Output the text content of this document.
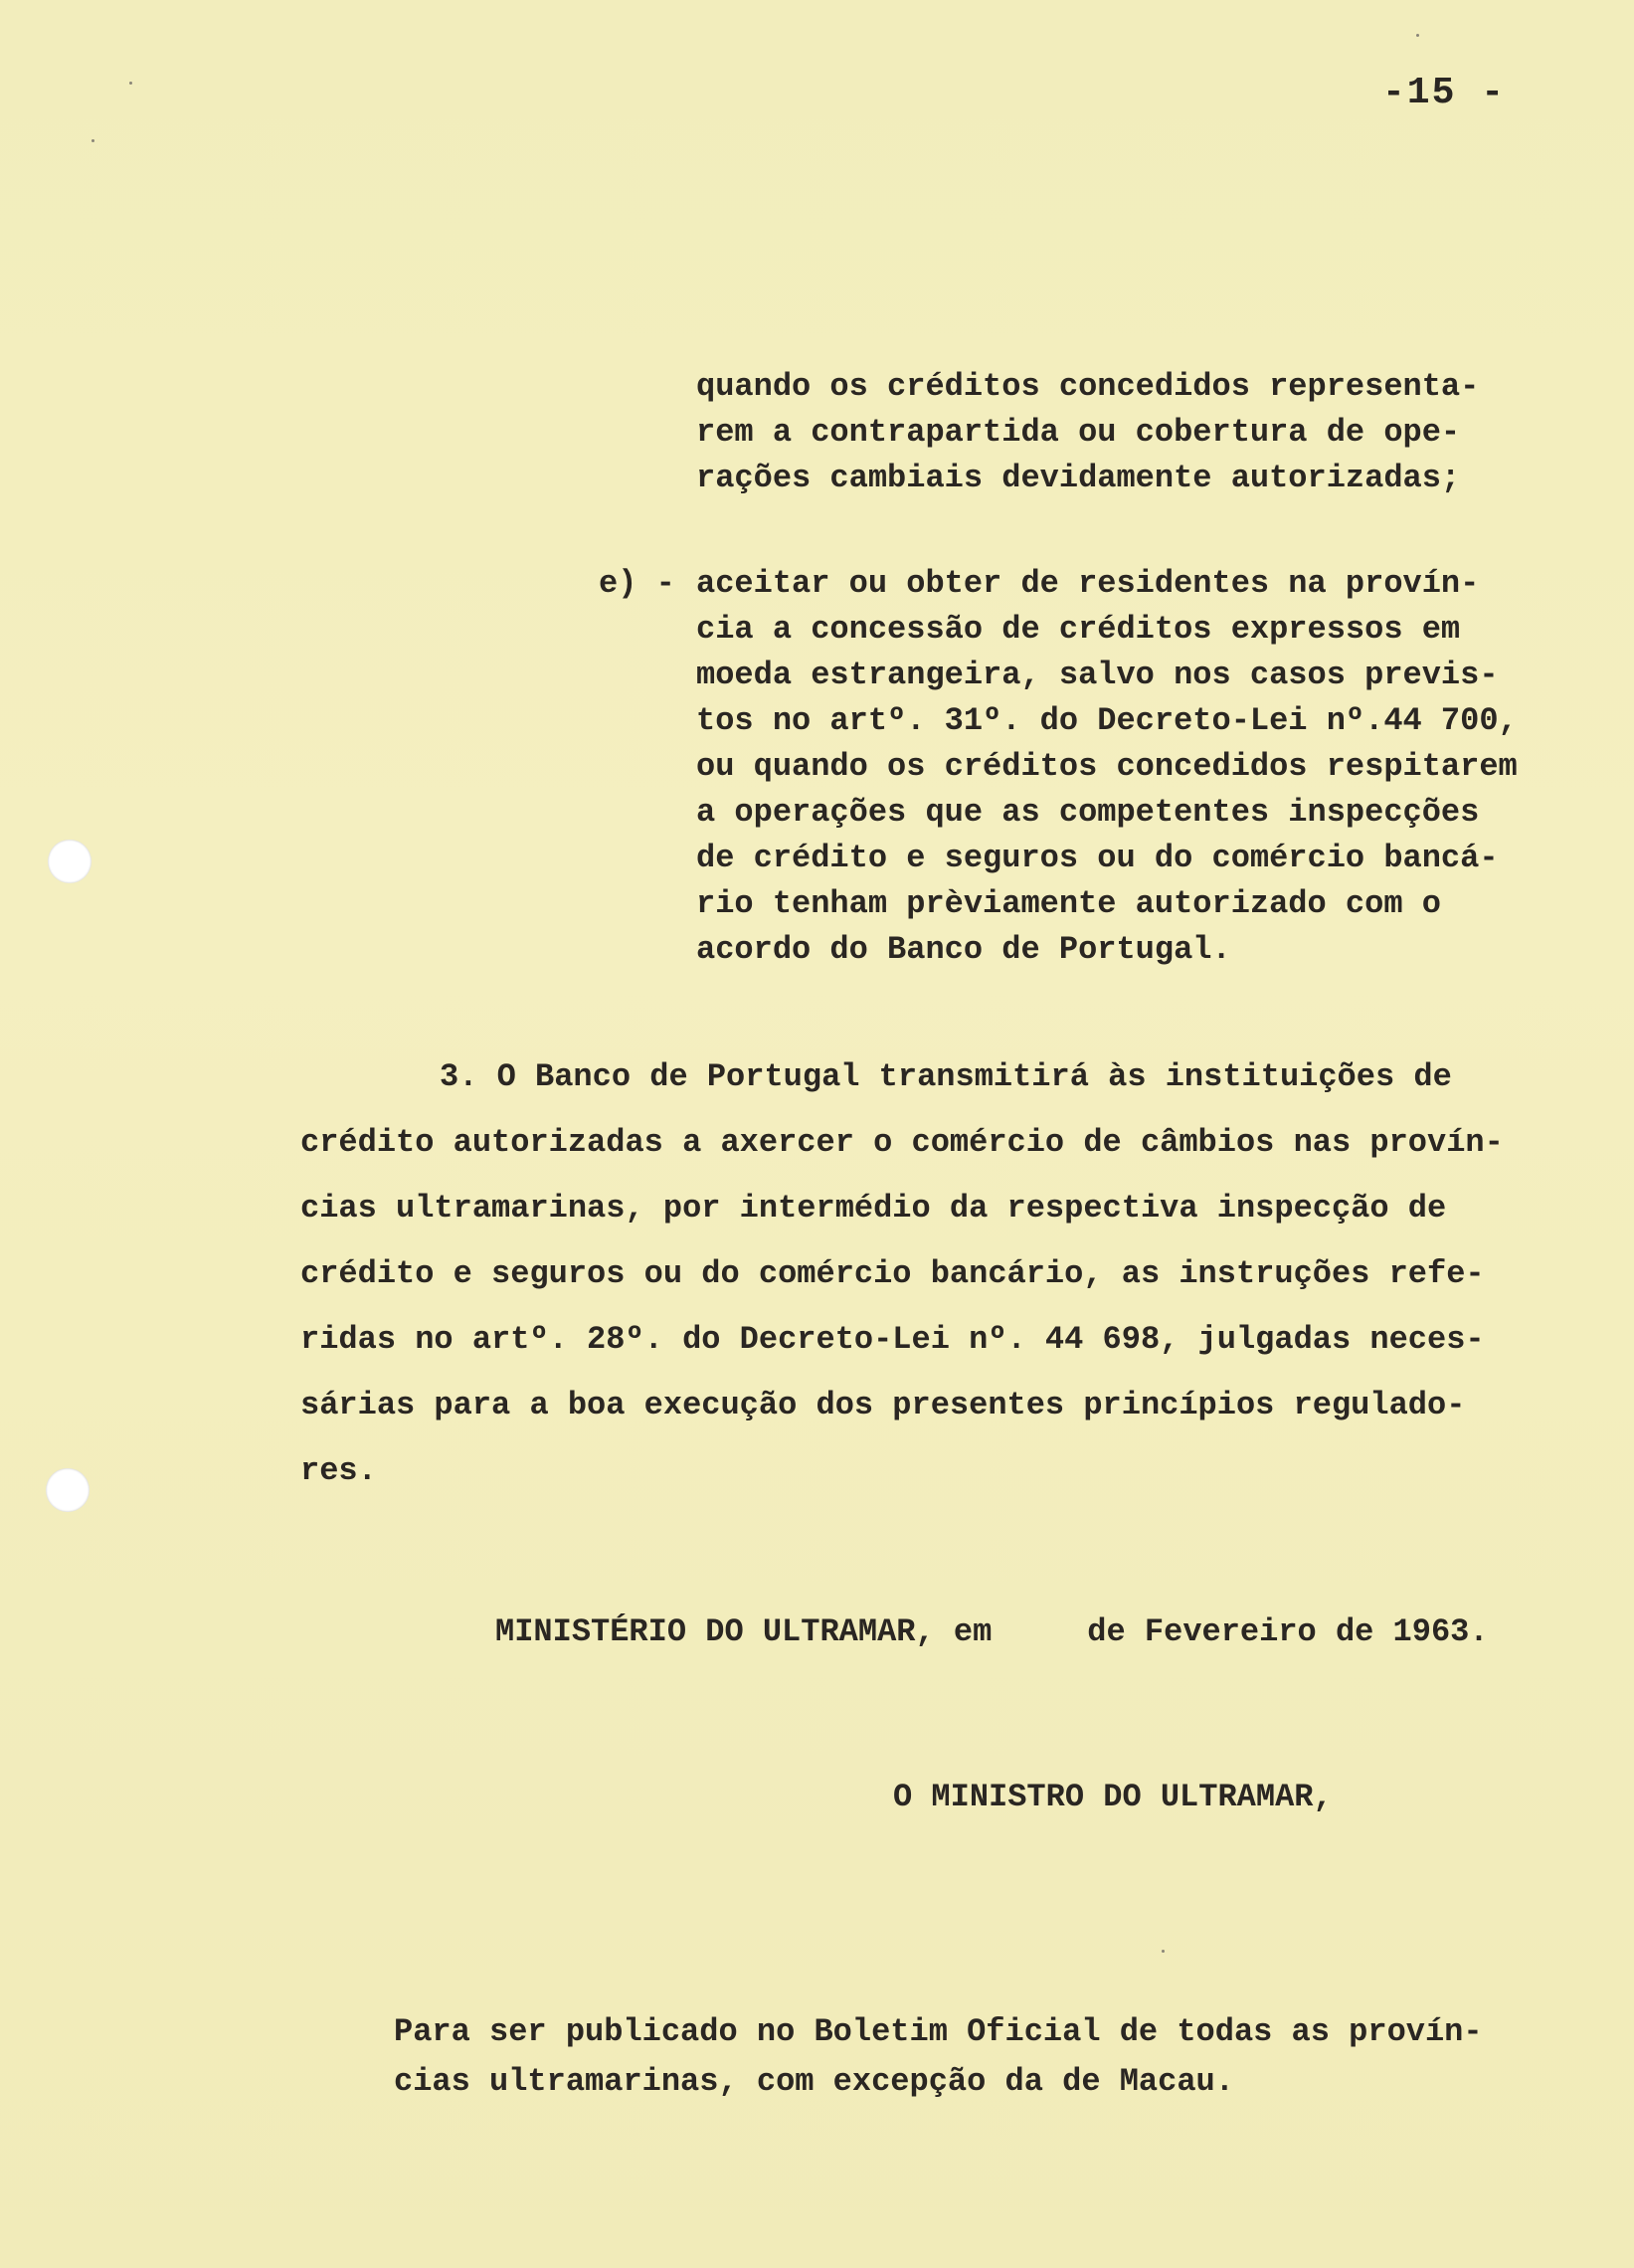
-15 -
quando os créditos concedidos representa-
rem a contrapartida ou cobertura de ope-
rações cambiais devidamente autorizadas;
e) - aceitar ou obter de residentes na provín-
cia a concessão de créditos expressos em
moeda estrangeira, salvo nos casos previs-
tos no artº. 31º. do Decreto-Lei nº.44 700,
ou quando os créditos concedidos respitarem
a operações que as competentes inspecções
de crédito e seguros ou do comércio bancá-
rio tenham prèviamente autorizado com o
acordo do Banco de Portugal.
3. O Banco de Portugal transmitirá às instituições de
crédito autorizadas a axercer o comércio de câmbios nas provín-
cias ultramarinas, por intermédio da respectiva inspecção de
crédito e seguros ou do comércio bancário, as instruções refe-
ridas no artº. 28º. do Decreto-Lei nº. 44 698, julgadas neces-
sárias para a boa execução dos presentes princípios regulado-
res.
MINISTÉRIO DO ULTRAMAR, em     de Fevereiro de 1963.
O MINISTRO DO ULTRAMAR,
Para ser publicado no Boletim Oficial de todas as provín-
cias ultramarinas, com excepção da de Macau.
